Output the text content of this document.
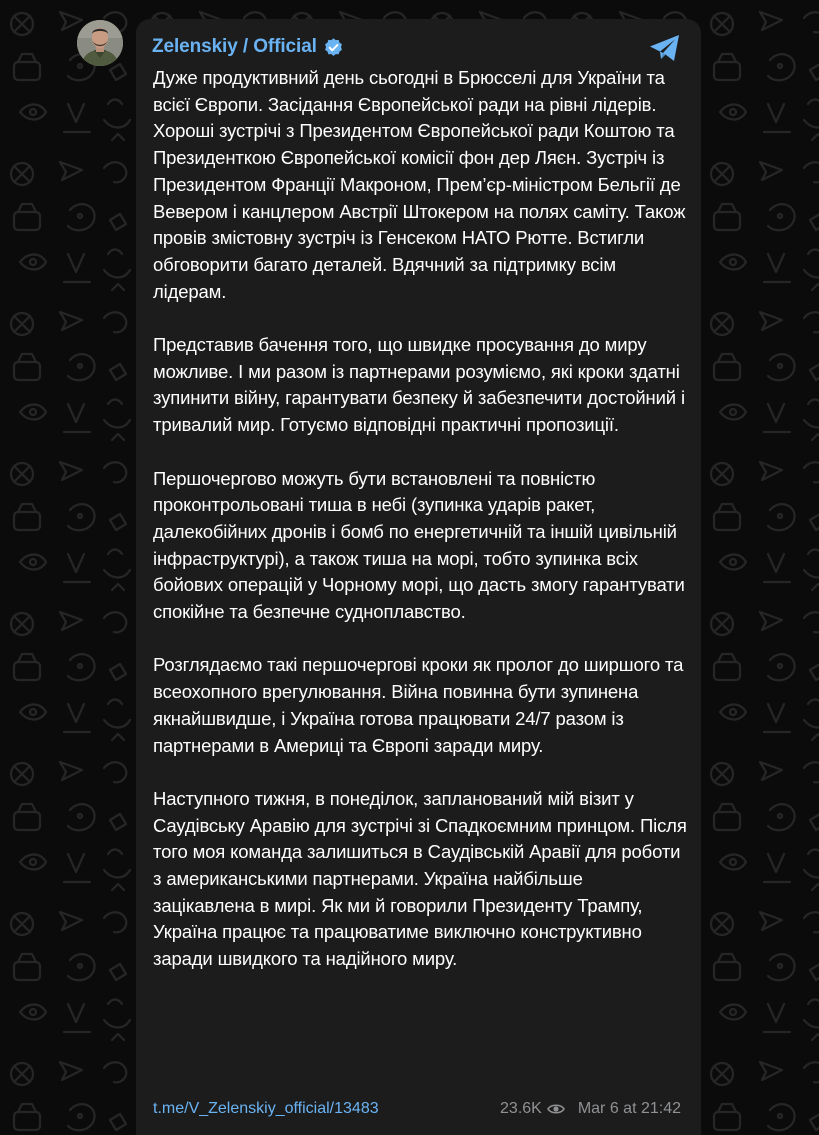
Zelenskiy / Official

Дуже продуктивний день сьогодні в Брюсселі для України та всієї Європи. Засідання Європейської ради на рівні лідерів. Хороші зустрічі з Президентом Європейської ради Коштою та Президенткою Європейської комісії фон дер Ляєн. Зустріч із Президентом Франції Макроном, Прем’єр-міністром Бельгії де Вевером і канцлером Австрії Штокером на полях саміту. Також провів змістовну зустріч із Генсеком НАТО Рютте. Встигли обговорити багато деталей. Вдячний за підтримку всім лідерам.

Представив бачення того, що швидке просування до миру можливе. І ми разом із партнерами розуміємо, які кроки здатні зупинити війну, гарантувати безпеку й забезпечити достойний і тривалий мир. Готуємо відповідні практичні пропозиції.

Першочергово можуть бути встановлені та повністю проконтрольовані тиша в небі (зупинка ударів ракет, далекобійних дронів і бомб по енергетичній та іншій цивільній інфраструктурі), а також тиша на морі, тобто зупинка всіх бойових операцій у Чорному морі, що дасть змогу гарантувати спокійне та безпечне судноплавство.

Розглядаємо такі першочергові кроки як пролог до ширшого та всеохопного врегулювання. Війна повинна бути зупинена якнайшвидше, і Україна готова працювати 24/7 разом із партнерами в Америці та Європі заради миру.

Наступного тижня, в понеділок, запланований мій візит у Саудівську Аравію для зустрічі зі Спадкоємним принцом. Після того моя команда залишиться в Саудівській Аравії для роботи з американськими партнерами. Україна найбільше зацікавлена в мирі. Як ми й говорили Президенту Трампу, Україна працює та працюватиме виключно конструктивно заради швидкого та надійного миру.

t.me/V_Zelenskiy_official/13483	23.6K Mar 6 at 21:42
